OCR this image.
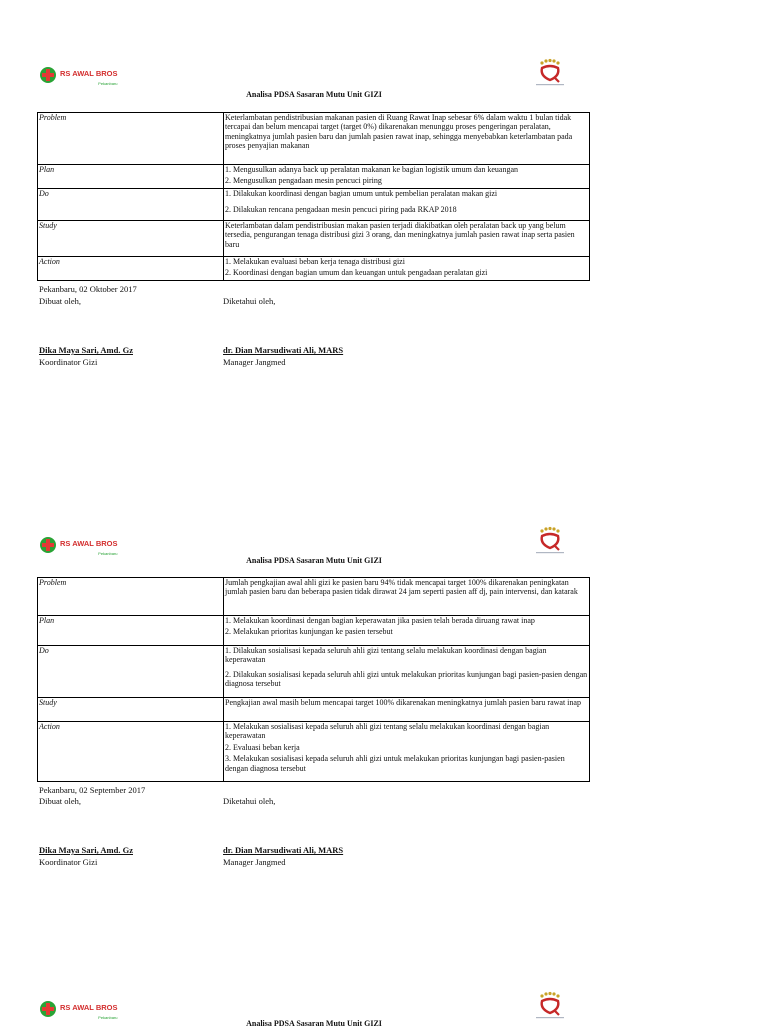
RS AWAL BROS
Pekanbaru
Analisa PDSA Sasaran Mutu Unit GIZI
Problem	Keterlambatan pendistribusian makanan pasien di Ruang Rawat Inap sebesar 6% dalam waktu 1 bulan tidak tercapai dan belum mencapai target (target 0%) dikarenakan menunggu proses pengeringan peralatan, meningkatnya jumlah pasien baru dan jumlah pasien rawat inap, sehingga menyebabkan keterlambatan pada proses penyajian makanan

Plan	1. Mengusulkan adanya back up peralatan makanan ke bagian logistik umum dan keuangan

2. Mengusulkan pengadaan mesin pencuci piring

Do	1. Dilakukan koordinasi dengan bagian umum untuk pembelian peralatan makan gizi

2. Dilakukan rencana pengadaan mesin pencuci piring pada RKAP 2018

Study	Keterlambatan dalam pendistribusian makan pasien terjadi diakibatkan oleh peralatan back up yang belum tersedia, pengurangan tenaga distribusi gizi 3 orang, dan meningkatnya jumlah pasien rawat inap serta pasien baru

Action	1. Melakukan evaluasi beban kerja tenaga distribusi gizi

2. Koordinasi dengan bagian umum dan keuangan untuk pengadaan peralatan gizi

Pekanbaru, 02 Oktober 2017
Dibuat oleh,	Diketahui oleh,
Dika Maya Sari, Amd. Gz
Koordinator Gizi
dr. Dian Marsudiwati Ali, MARS
Manager Jangmed
RS AWAL BROS
Pekanbaru
Analisa PDSA Sasaran Mutu Unit GIZI
Problem	Jumlah pengkajian awal ahli gizi ke pasien baru 94% tidak mencapai target 100% dikarenakan peningkatan jumlah pasien baru dan beberapa pasien tidak dirawat 24 jam seperti pasien aff dj, pain intervensi, dan katarak

Plan	1. Melakukan koordinasi dengan bagian keperawatan jika pasien telah berada diruang rawat inap

2. Melakukan prioritas kunjungan ke pasien tersebut

Do	1. Dilakukan sosialisasi kepada seluruh ahli gizi tentang selalu melakukan koordinasi dengan bagian keperawatan

2. Dilakukan sosialisasi kepada seluruh ahli gizi untuk melakukan prioritas kunjungan bagi pasien-pasien dengan diagnosa tersebut

Study	Pengkajian awal masih belum mencapai target 100% dikarenakan meningkatnya jumlah pasien baru rawat inap

Action	1. Melakukan sosialisasi kepada seluruh ahli gizi tentang selalu melakukan koordinasi dengan bagian keperawatan

2. Evaluasi beban kerja

3. Melakukan sosialisasi kepada seluruh ahli gizi untuk melakukan prioritas kunjungan bagi pasien-pasien dengan diagnosa tersebut

Pekanbaru, 02 September 2017
Dibuat oleh,	Diketahui oleh,
Dika Maya Sari, Amd. Gz
Koordinator Gizi
dr. Dian Marsudiwati Ali, MARS
Manager Jangmed
RS AWAL BROS
Pekanbaru
Analisa PDSA Sasaran Mutu Unit GIZI
